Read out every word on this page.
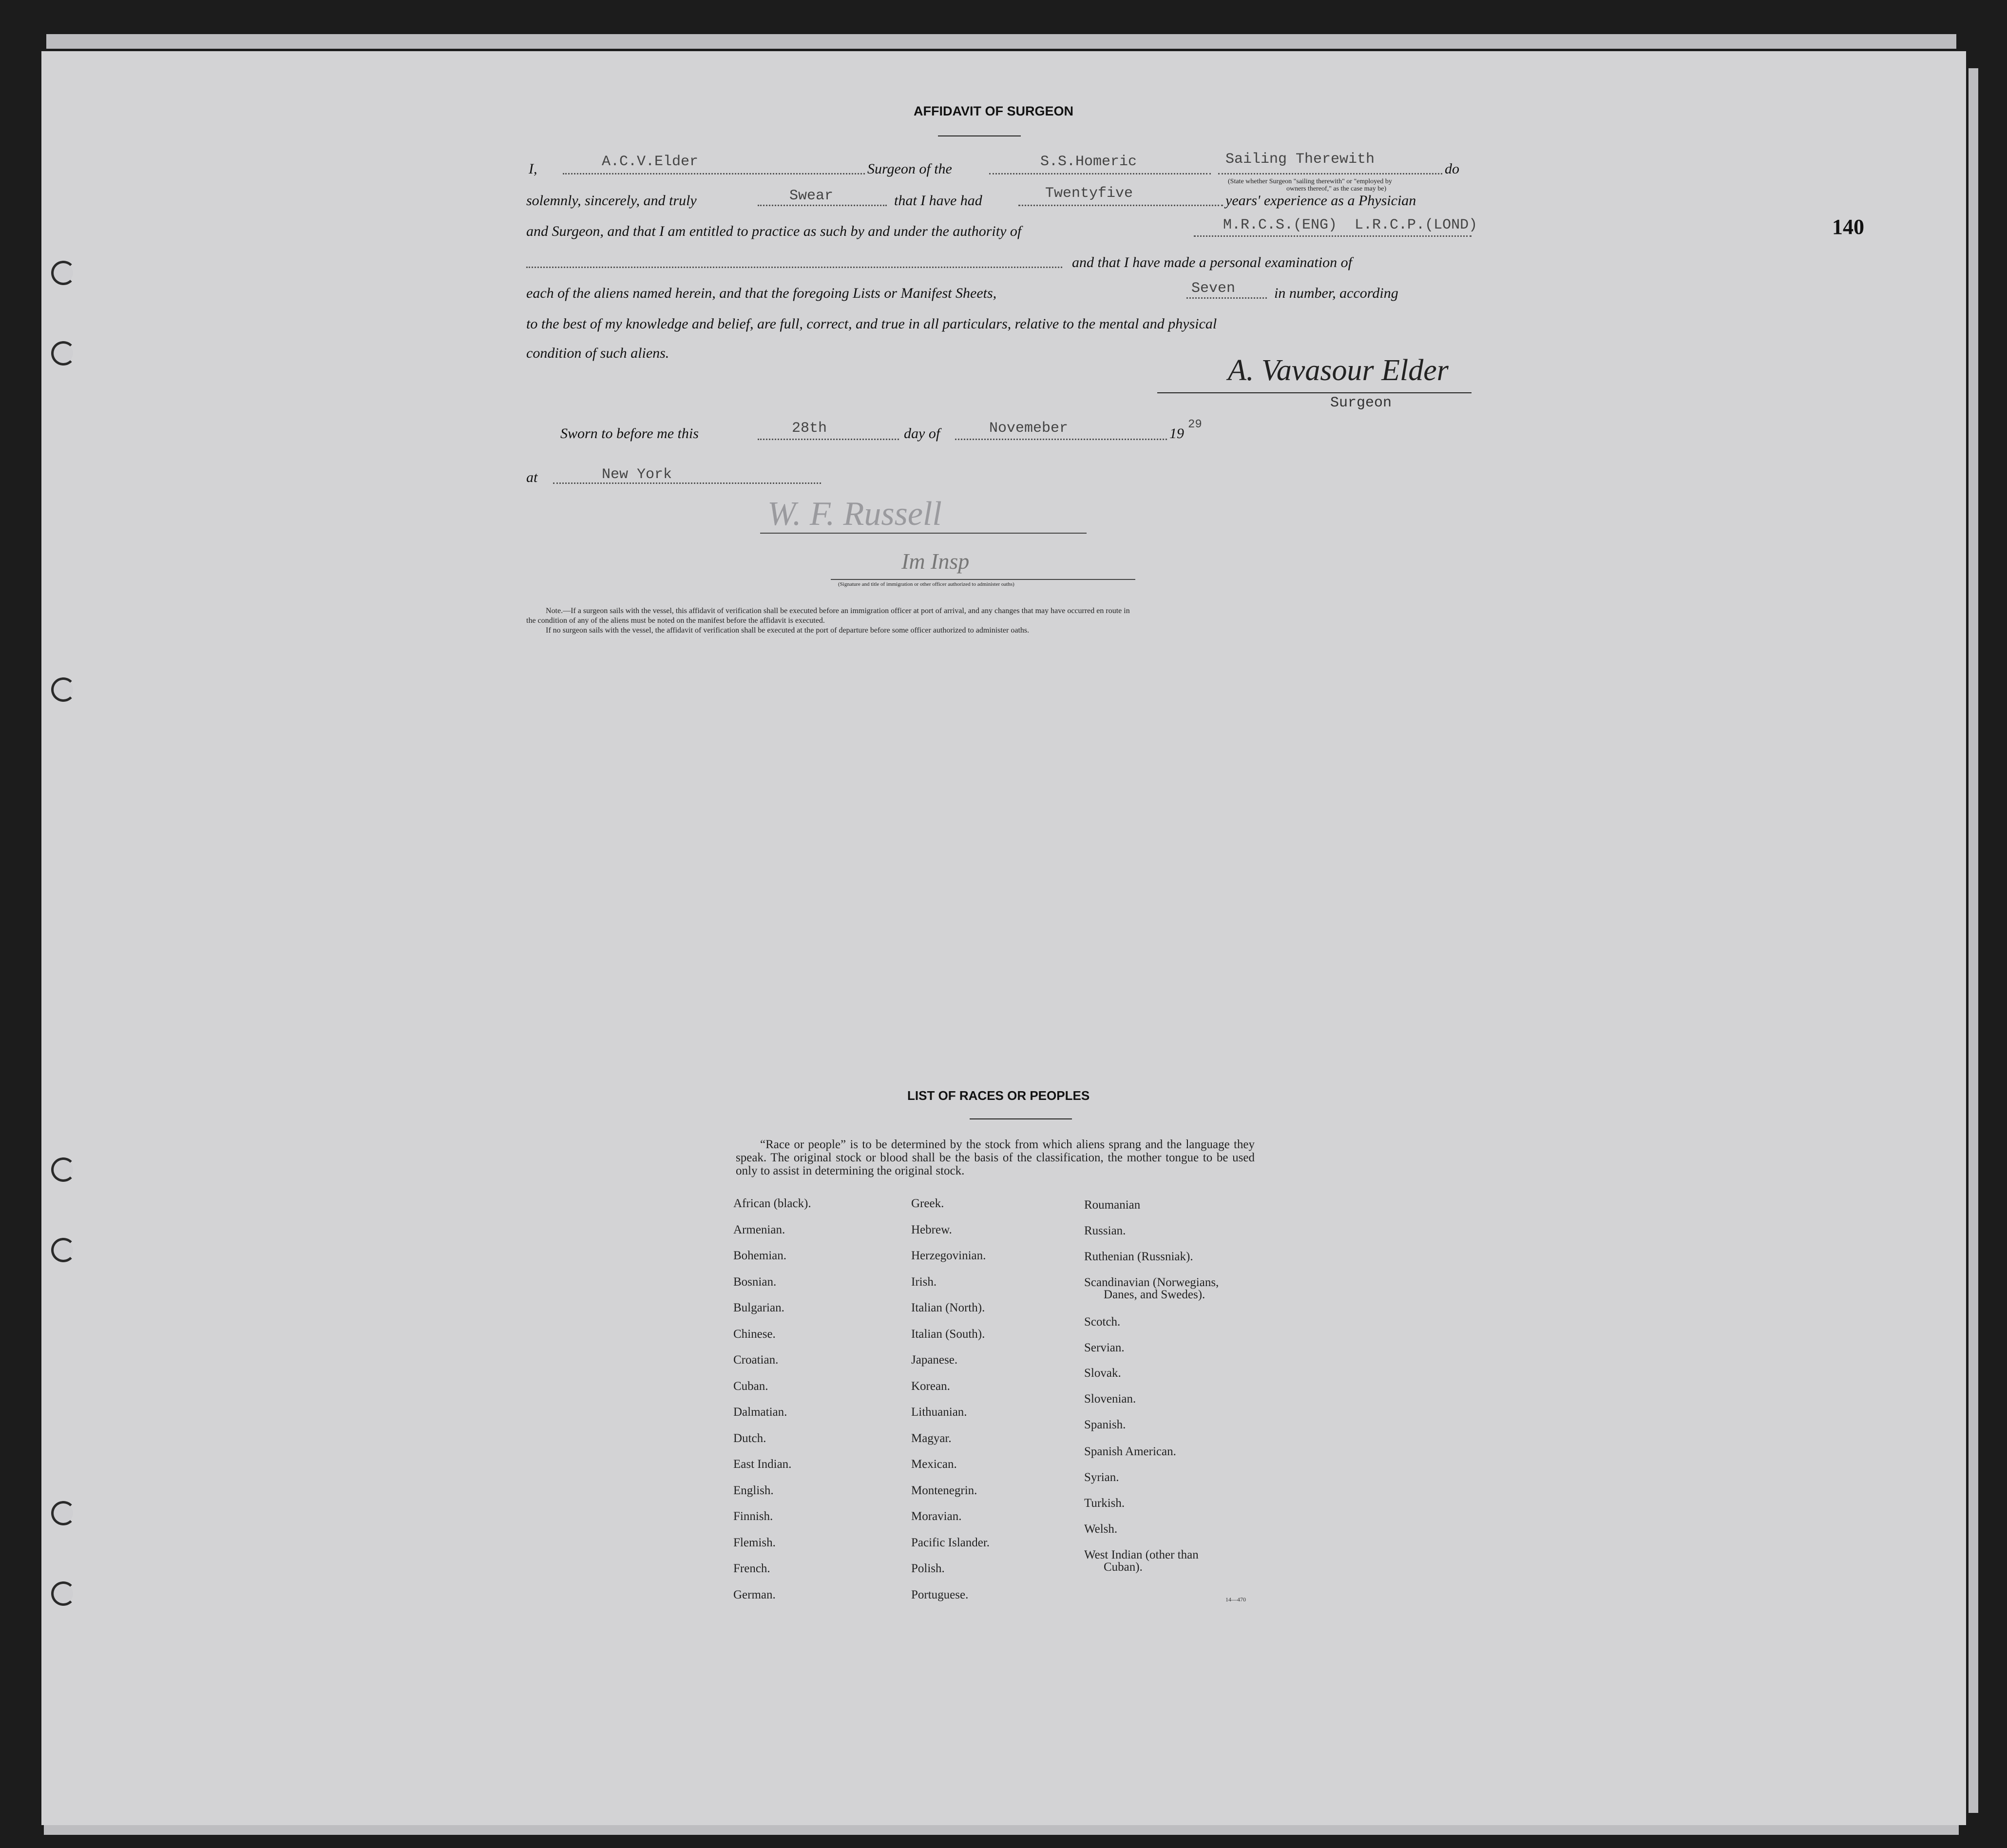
140
AFFIDAVIT OF SURGEON
I,	A.C.V.Elder	Surgeon of the	S.S.Homeric	Sailing Therewith
do
(State whether Surgeon "sailing therewith" or "employed by
owners thereof," as the case may be)
solemnly, sincerely, and truly	Swear	that I have had	Twentyfive	years' experience as a Physician
and Surgeon, and that I am entitled to practice as such by and under the authority of	M.R.C.S.(ENG)  L.R.C.P.(LOND)
and that I have made a personal examination of
each of the aliens named herein, and that the foregoing Lists or Manifest Sheets,	Seven	in number, according
to the best of my knowledge and belief, are full, correct, and true in all particulars, relative to the mental and physical
condition of such aliens.
A. Vavasour Elder
Surgeon
Sworn to before me this	28th	day of	Novemeber	19
29
at	New York
W. F. Russell
Im Insp
(Signature and title of immigration or other officer authorized to administer oaths)
Note.—If a surgeon sails with the vessel, this affidavit of verification shall be executed before an immigration officer at port of arrival, and any changes that may have occurred en route in
the condition of any of the aliens must be noted on the manifest before the affidavit is executed.
If no surgeon sails with the vessel, the affidavit of verification shall be executed at the port of departure before some officer authorized to administer oaths.
LIST OF RACES OR PEOPLES
“Race or people” is to be determined by the stock from which aliens sprang and the language they speak. The original stock or blood shall be the basis of the classification, the mother tongue to be used only to assist in determining the original stock.
African (black).
Armenian.
Bohemian.
Bosnian.
Bulgarian.
Chinese.
Croatian.
Cuban.
Dalmatian.
Dutch.
East Indian.
English.
Finnish.
Flemish.
French.
German.
Greek.
Hebrew.
Herzegovinian.
Irish.
Italian (North).
Italian (South).
Japanese.
Korean.
Lithuanian.
Magyar.
Mexican.
Montenegrin.
Moravian.
Pacific Islander.
Polish.
Portuguese.
Roumanian
Russian.
Ruthenian (Russniak).
Scandinavian (Norwegians,
Danes, and Swedes).
Scotch.
Servian.
Slovak.
Slovenian.
Spanish.
Spanish American.
Syrian.
Turkish.
Welsh.
West Indian (other than
Cuban).
14—470
